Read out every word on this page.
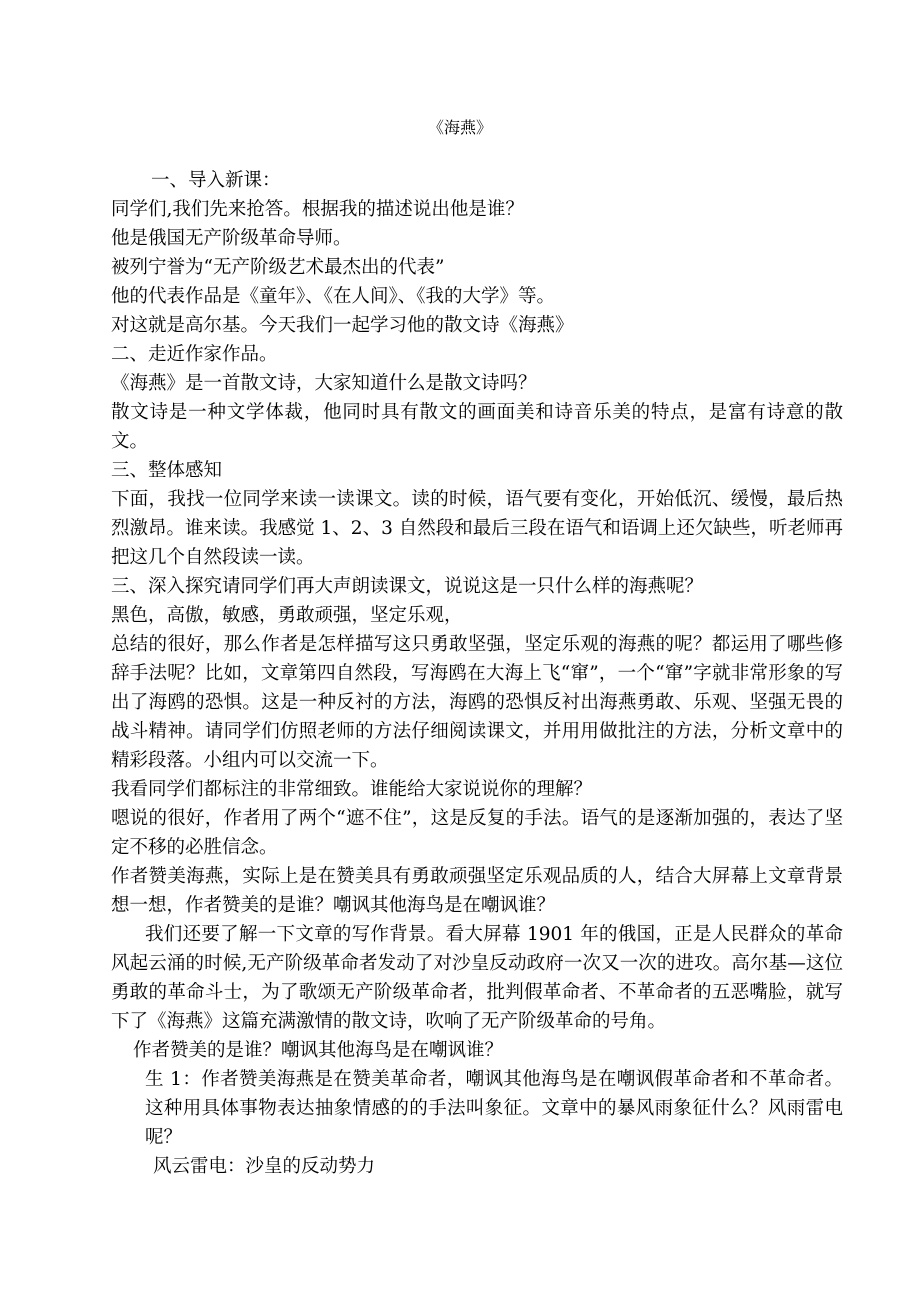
《海燕》

一、导入新课：

同学们,我们先来抢答。根据我的描述说出他是谁？

他是俄国无产阶级革命导师。

被列宁誉为“无产阶级艺术最杰出的代表”

他的代表作品是《童年》、《在人间》、《我的大学》等。

对这就是高尔基。今天我们一起学习他的散文诗《海燕》

二、走近作家作品。

《海燕》是一首散文诗，大家知道什么是散文诗吗？

散文诗是一种文学体裁，他同时具有散文的画面美和诗音乐美的特点，是富有诗意的散文。

三、整体感知

下面，我找一位同学来读一读课文。读的时候，语气要有变化，开始低沉、缓慢，最后热烈激昂。谁来读。我感觉 1、2、3 自然段和最后三段在语气和语调上还欠缺些，听老师再把这几个自然段读一读。

三、深入探究请同学们再大声朗读课文，说说这是一只什么样的海燕呢？

黑色，高傲，敏感，勇敢顽强，坚定乐观，

总结的很好，那么作者是怎样描写这只勇敢坚强，坚定乐观的海燕的呢？都运用了哪些修辞手法呢？比如，文章第四自然段，写海鸥在大海上飞“窜”，一个“窜”字就非常形象的写出了海鸥的恐惧。这是一种反衬的方法，海鸥的恐惧反衬出海燕勇敢、乐观、坚强无畏的战斗精神。请同学们仿照老师的方法仔细阅读课文，并用用做批注的方法，分析文章中的精彩段落。小组内可以交流一下。

我看同学们都标注的非常细致。谁能给大家说说你的理解？

嗯说的很好，作者用了两个“遮不住”，这是反复的手法。语气的是逐渐加强的，表达了坚定不移的必胜信念。

作者赞美海燕，实际上是在赞美具有勇敢顽强坚定乐观品质的人，结合大屏幕上文章背景想一想，作者赞美的是谁？嘲讽其他海鸟是在嘲讽谁？

我们还要了解一下文章的写作背景。看大屏幕 1901 年的俄国，正是人民群众的革命风起云涌的时候,无产阶级革命者发动了对沙皇反动政府一次又一次的进攻。高尔基—这位勇敢的革命斗士，为了歌颂无产阶级革命者，批判假革命者、不革命者的五恶嘴脸，就写下了《海燕》这篇充满激情的散文诗，吹响了无产阶级革命的号角。

作者赞美的是谁？嘲讽其他海鸟是在嘲讽谁？

生 1：作者赞美海燕是在赞美革命者，嘲讽其他海鸟是在嘲讽假革命者和不革命者。这种用具体事物表达抽象情感的的手法叫象征。文章中的暴风雨象征什么？风雨雷电呢？

风云雷电：沙皇的反动势力
